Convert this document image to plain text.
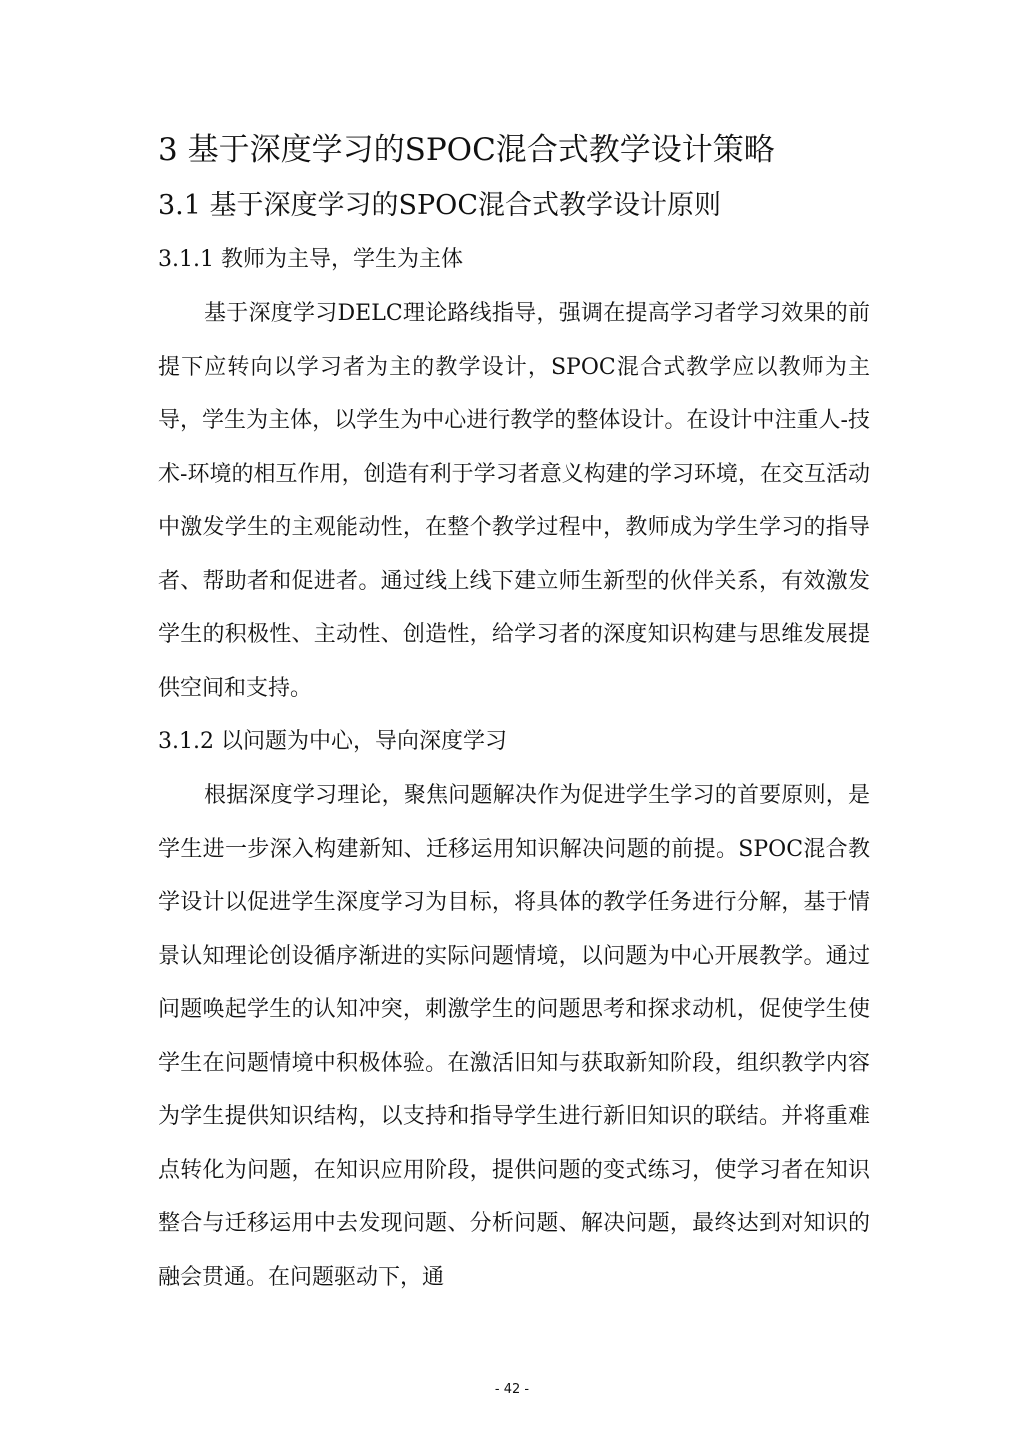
3 基于深度学习的SPOC混合式教学设计策略
3.1 基于深度学习的SPOC混合式教学设计原则
3.1.1 教师为主导，学生为主体

基于深度学习DELC理论路线指导，强调在提高学习者学习效果的前提下应转向以学习者为主的教学设计，SPOC混合式教学应以教师为主导，学生为主体，以学生为中心进行教学的整体设计。在设计中注重人-技术-环境的相互作用，创造有利于学习者意义构建的学习环境，在交互活动中激发学生的主观能动性，在整个教学过程中，教师成为学生学习的指导者、帮助者和促进者。通过线上线下建立师生新型的伙伴关系，有效激发学生的积极性、主动性、创造性，给学习者的深度知识构建与思维发展提供空间和支持。

3.1.2 以问题为中心，导向深度学习

根据深度学习理论，聚焦问题解决作为促进学生学习的首要原则，是学生进一步深入构建新知、迁移运用知识解决问题的前提。SPOC混合教学设计以促进学生深度学习为目标，将具体的教学任务进行分解，基于情景认知理论创设循序渐进的实际问题情境，以问题为中心开展教学。通过问题唤起学生的认知冲突，刺激学生的问题思考和探求动机，促使学生使学生在问题情境中积极体验。在激活旧知与获取新知阶段，组织教学内容为学生提供知识结构，以支持和指导学生进行新旧知识的联结。并将重难点转化为问题，在知识应用阶段，提供问题的变式练习，使学习者在知识整合与迁移运用中去发现问题、分析问题、解决问题，最终达到对知识的融会贯通。在问题驱动下，通

- 42 -
